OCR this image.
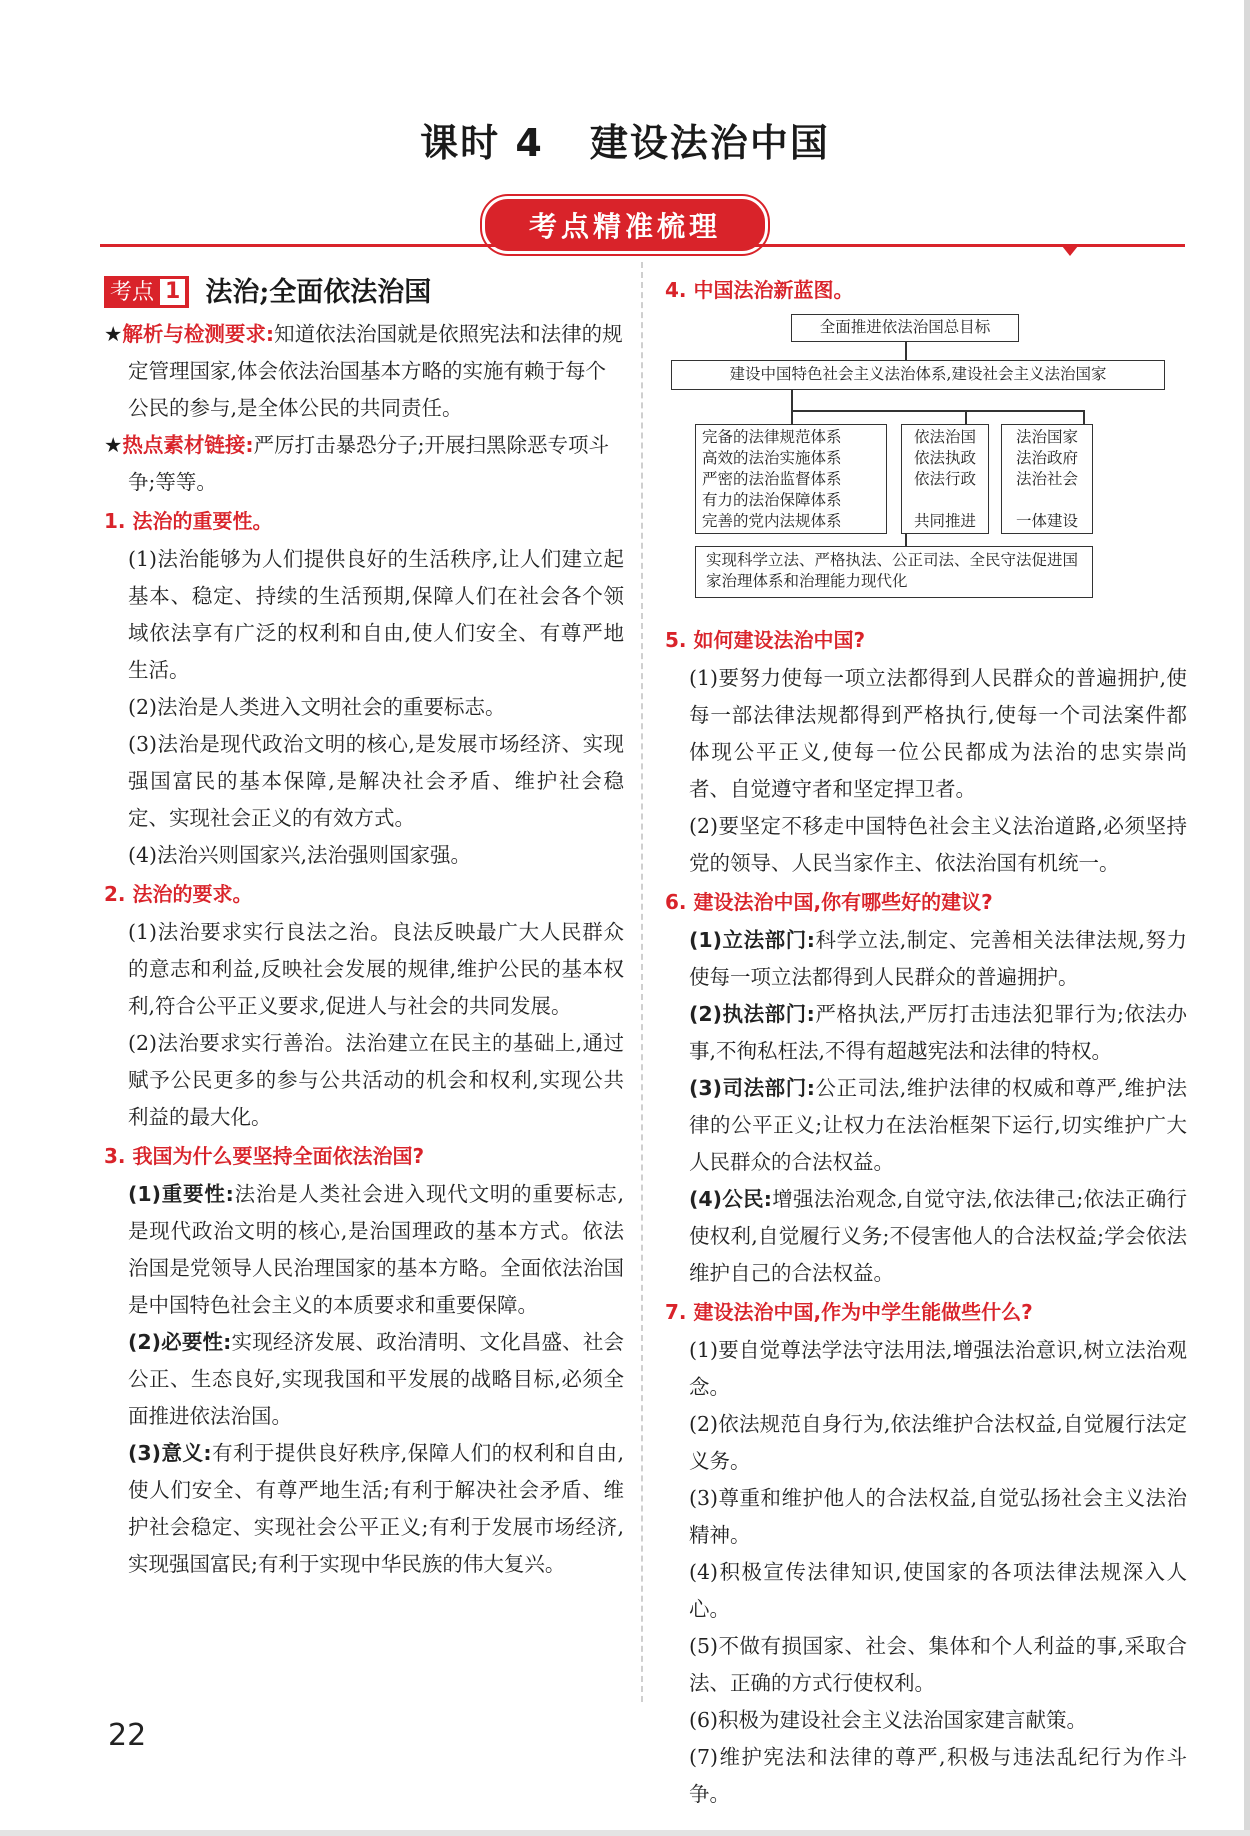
课时 4 建设法治中国
考点精准梳理
考点 1 法治;全面依法治国

★解析与检测要求:知道依法治国就是依照宪法和法律的规定管理国家,体会依法治国基本方略的实施有赖于每个公民的参与,是全体公民的共同责任。

★热点素材链接:严厉打击暴恐分子;开展扫黑除恶专项斗争;等等。

1. 法治的重要性。

(1)法治能够为人们提供良好的生活秩序,让人们建立起基本、稳定、持续的生活预期,保障人们在社会各个领域依法享有广泛的权利和自由,使人们安全、有尊严地生活。

(2)法治是人类进入文明社会的重要标志。

(3)法治是现代政治文明的核心,是发展市场经济、实现强国富民的基本保障,是解决社会矛盾、维护社会稳定、实现社会正义的有效方式。

(4)法治兴则国家兴,法治强则国家强。

2. 法治的要求。

(1)法治要求实行良法之治。良法反映最广大人民群众的意志和利益,反映社会发展的规律,维护公民的基本权利,符合公平正义要求,促进人与社会的共同发展。

(2)法治要求实行善治。法治建立在民主的基础上,通过赋予公民更多的参与公共活动的机会和权利,实现公共利益的最大化。

3. 我国为什么要坚持全面依法治国?

(1)重要性:法治是人类社会进入现代文明的重要标志,是现代政治文明的核心,是治国理政的基本方式。依法治国是党领导人民治理国家的基本方略。全面依法治国是中国特色社会主义的本质要求和重要保障。

(2)必要性:实现经济发展、政治清明、文化昌盛、社会公正、生态良好,实现我国和平发展的战略目标,必须全面推进依法治国。

(3)意义:有利于提供良好秩序,保障人们的权利和自由,使人们安全、有尊严地生活;有利于解决社会矛盾、维护社会稳定、实现社会公平正义;有利于发展市场经济,实现强国富民;有利于实现中华民族的伟大复兴。

4. 中国法治新蓝图。
全面推进依法治国总目标
建设中国特色社会主义法治体系,建设社会主义法治国家
完备的法律规范体系
高效的法治实施体系
严密的法治监督体系
有力的法治保障体系
完善的党内法规体系
依法治国
依法执政
依法行政
共同推进
法治国家
法治政府
法治社会
一体建设
实现科学立法、严格执法、公正司法、全民守法促进国家治理体系和治理能力现代化
5. 如何建设法治中国?

(1)要努力使每一项立法都得到人民群众的普遍拥护,使每一部法律法规都得到严格执行,使每一个司法案件都体现公平正义,使每一位公民都成为法治的忠实崇尚者、自觉遵守者和坚定捍卫者。

(2)要坚定不移走中国特色社会主义法治道路,必须坚持党的领导、人民当家作主、依法治国有机统一。

6. 建设法治中国,你有哪些好的建议?

(1)立法部门:科学立法,制定、完善相关法律法规,努力使每一项立法都得到人民群众的普遍拥护。

(2)执法部门:严格执法,严厉打击违法犯罪行为;依法办事,不徇私枉法,不得有超越宪法和法律的特权。

(3)司法部门:公正司法,维护法律的权威和尊严,维护法律的公平正义;让权力在法治框架下运行,切实维护广大人民群众的合法权益。

(4)公民:增强法治观念,自觉守法,依法律己;依法正确行使权利,自觉履行义务;不侵害他人的合法权益;学会依法维护自己的合法权益。

7. 建设法治中国,作为中学生能做些什么?

(1)要自觉尊法学法守法用法,增强法治意识,树立法治观念。

(2)依法规范自身行为,依法维护合法权益,自觉履行法定义务。

(3)尊重和维护他人的合法权益,自觉弘扬社会主义法治精神。

(4)积极宣传法律知识,使国家的各项法律法规深入人心。

(5)不做有损国家、社会、集体和个人利益的事,采取合法、正确的方式行使权利。

(6)积极为建设社会主义法治国家建言献策。

(7)维护宪法和法律的尊严,积极与违法乱纪行为作斗争。

22
